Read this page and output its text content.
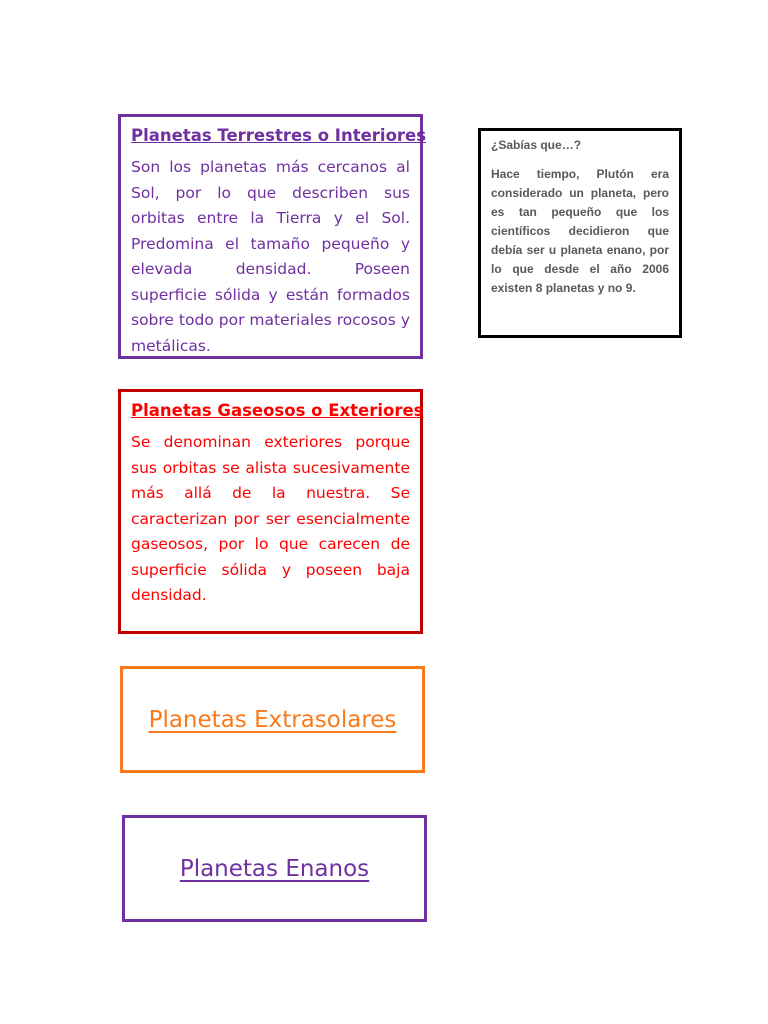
Planetas Terrestres o Interiores

Son los planetas más cercanos al Sol, por lo que describen sus orbitas entre la Tierra y el Sol. Predomina el tamaño pequeño y elevada densidad. Poseen superficie sólida y están formados sobre todo por materiales rocosos y metálicas.

¿Sabías que…?

Hace tiempo, Plutón era considerado un planeta, pero es tan pequeño que los científicos decidieron que debía ser u planeta enano, por lo que desde el año 2006 existen 8 planetas y no 9.

Planetas Gaseosos o Exteriores

Se denominan exteriores porque sus orbitas se alista sucesivamente más allá de la nuestra. Se caracterizan por ser esencialmente gaseosos, por lo que carecen de superficie sólida y poseen baja densidad.

Planetas Extrasolares
Planetas Enanos
